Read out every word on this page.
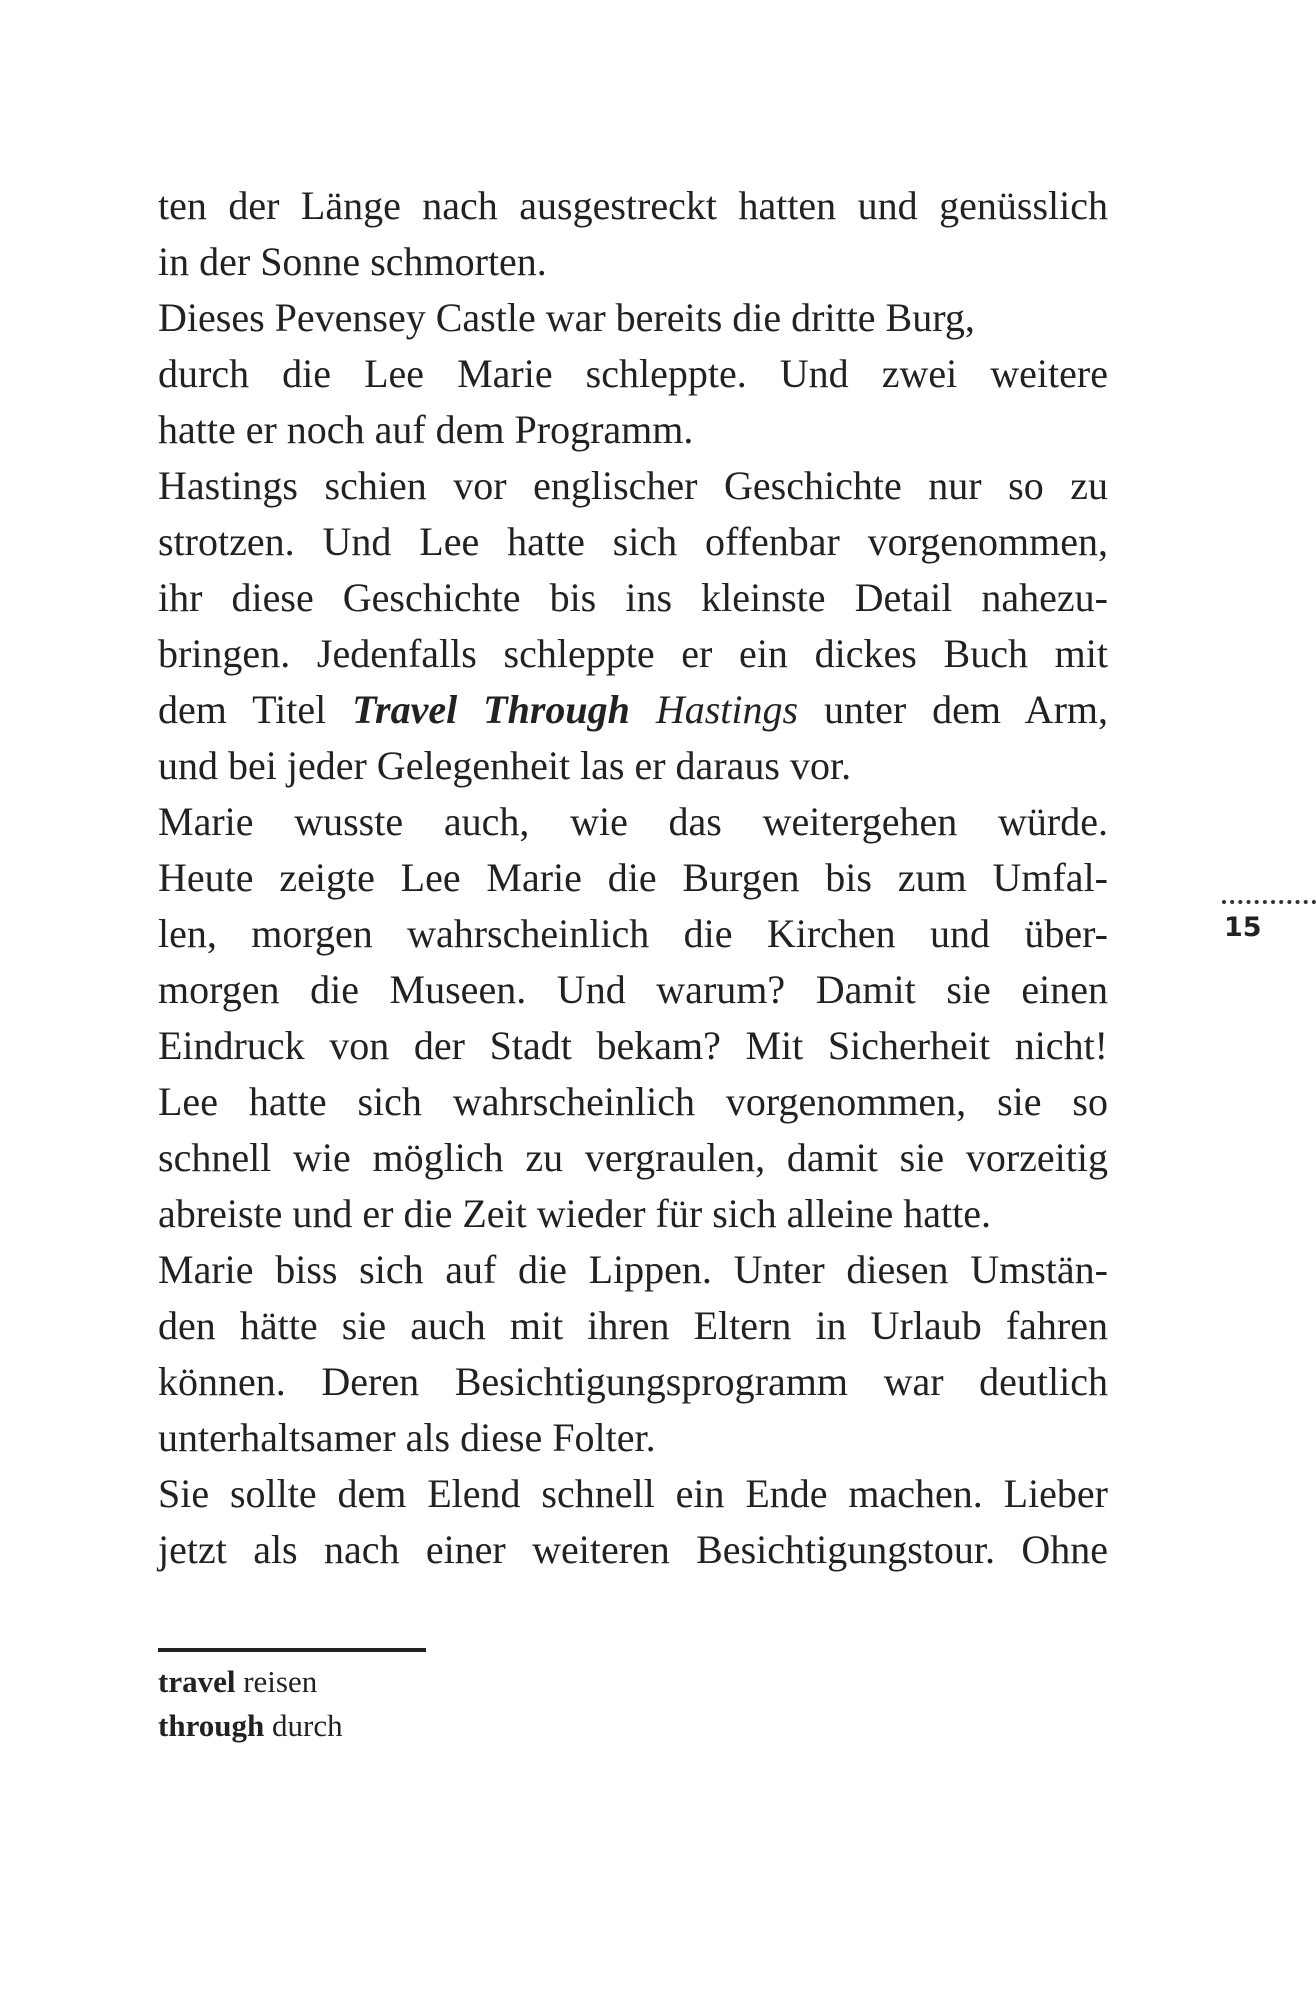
ten der Länge nach ausgestreckt hatten und genüsslich
in der Sonne schmorten.
Dieses Pevensey Castle war bereits die dritte Burg,
durch die Lee Marie schleppte. Und zwei weitere
hatte er noch auf dem Programm.
Hastings schien vor englischer Geschichte nur so zu
strotzen. Und Lee hatte sich offenbar vorgenommen,
ihr diese Geschichte bis ins kleinste Detail nahezu-
bringen. Jedenfalls schleppte er ein dickes Buch mit
dem Titel Travel Through Hastings unter dem Arm,
und bei jeder Gelegenheit las er daraus vor.
Marie wusste auch, wie das weitergehen würde.
Heute zeigte Lee Marie die Burgen bis zum Umfal-
len, morgen wahrscheinlich die Kirchen und über-
morgen die Museen. Und warum? Damit sie einen
Eindruck von der Stadt bekam? Mit Sicherheit nicht!
Lee hatte sich wahrscheinlich vorgenommen, sie so
schnell wie möglich zu vergraulen, damit sie vorzeitig
abreiste und er die Zeit wieder für sich alleine hatte.
Marie biss sich auf die Lippen. Unter diesen Umstän-
den hätte sie auch mit ihren Eltern in Urlaub fahren
können. Deren Besichtigungsprogramm war deutlich
unterhaltsamer als diese Folter.
Sie sollte dem Elend schnell ein Ende machen. Lieber
jetzt als nach einer weiteren Besichtigungstour. Ohne
15
travel reisen
through durch
